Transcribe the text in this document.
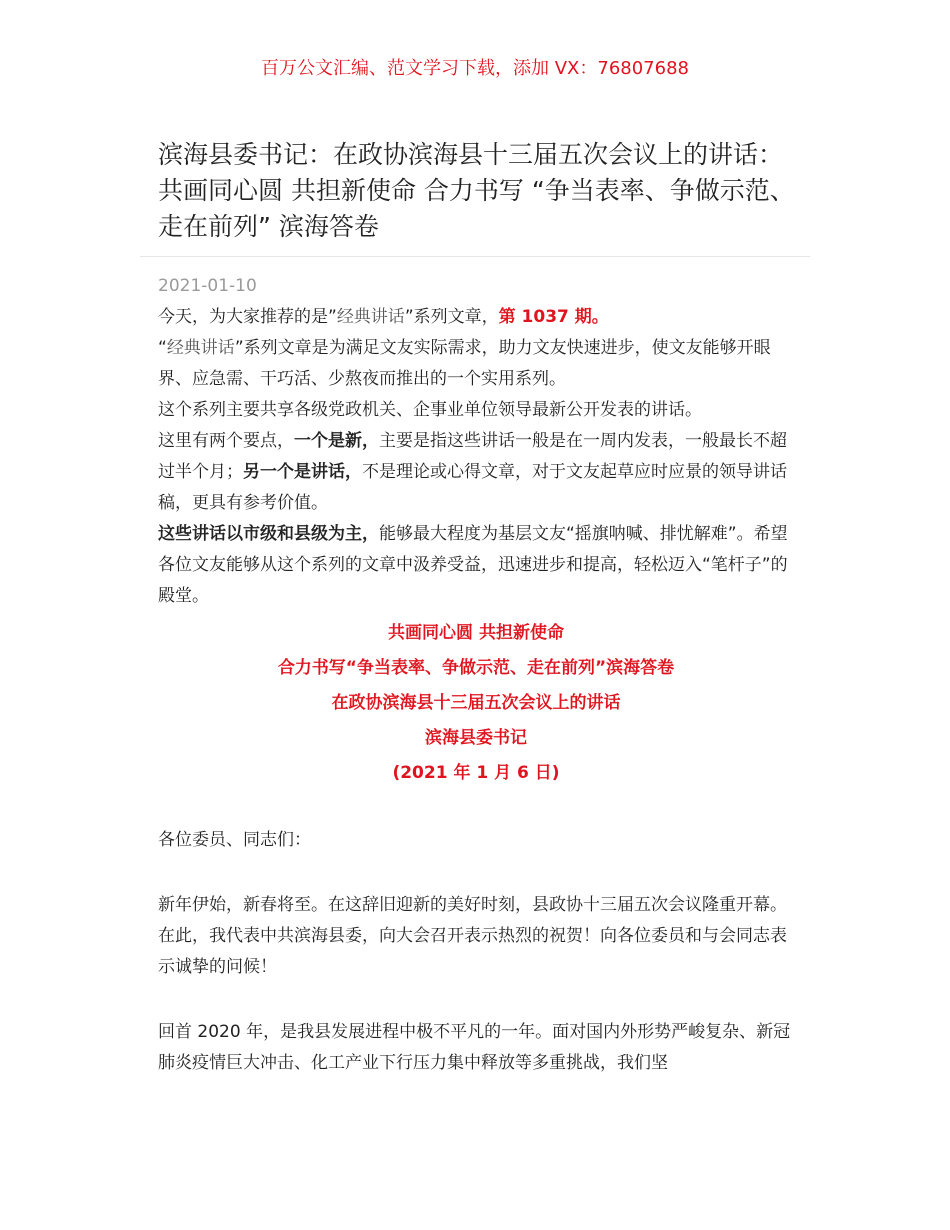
百万公文汇编、范文学习下载，添加 VX：76807688
滨海县委书记：在政协滨海县十三届五次会议上的讲话： 共画同心圆 共担新使命 合力书写 “争当表率、争做示范、走在前列” 滨海答卷
2021-01-10

今天，为大家推荐的是”经典讲话”系列文章，第 1037 期。

“经典讲话”系列文章是为满足文友实际需求，助力文友快速进步，使文友能够开眼界、应急需、干巧活、少熬夜而推出的一个实用系列。

这个系列主要共享各级党政机关、企事业单位领导最新公开发表的讲话。

这里有两个要点，一个是新，主要是指这些讲话一般是在一周内发表，一般最长不超过半个月；另一个是讲话，不是理论或心得文章，对于文友起草应时应景的领导讲话稿，更具有参考价值。

这些讲话以市级和县级为主，能够最大程度为基层文友“摇旗呐喊、排忧解难”。希望各位文友能够从这个系列的文章中汲养受益，迅速进步和提高，轻松迈入“笔杆子”的殿堂。

共画同心圆 共担新使命
合力书写“争当表率、争做示范、走在前列”滨海答卷
在政协滨海县十三届五次会议上的讲话
滨海县委书记
(2021 年 1 月 6 日)

各位委员、同志们：

新年伊始，新春将至。在这辞旧迎新的美好时刻，县政协十三届五次会议隆重开幕。在此，我代表中共滨海县委，向大会召开表示热烈的祝贺！向各位委员和与会同志表示诚挚的问候！

回首 2020 年，是我县发展进程中极不平凡的一年。面对国内外形势严峻复杂、新冠肺炎疫情巨大冲击、化工产业下行压力集中释放等多重挑战，我们坚
